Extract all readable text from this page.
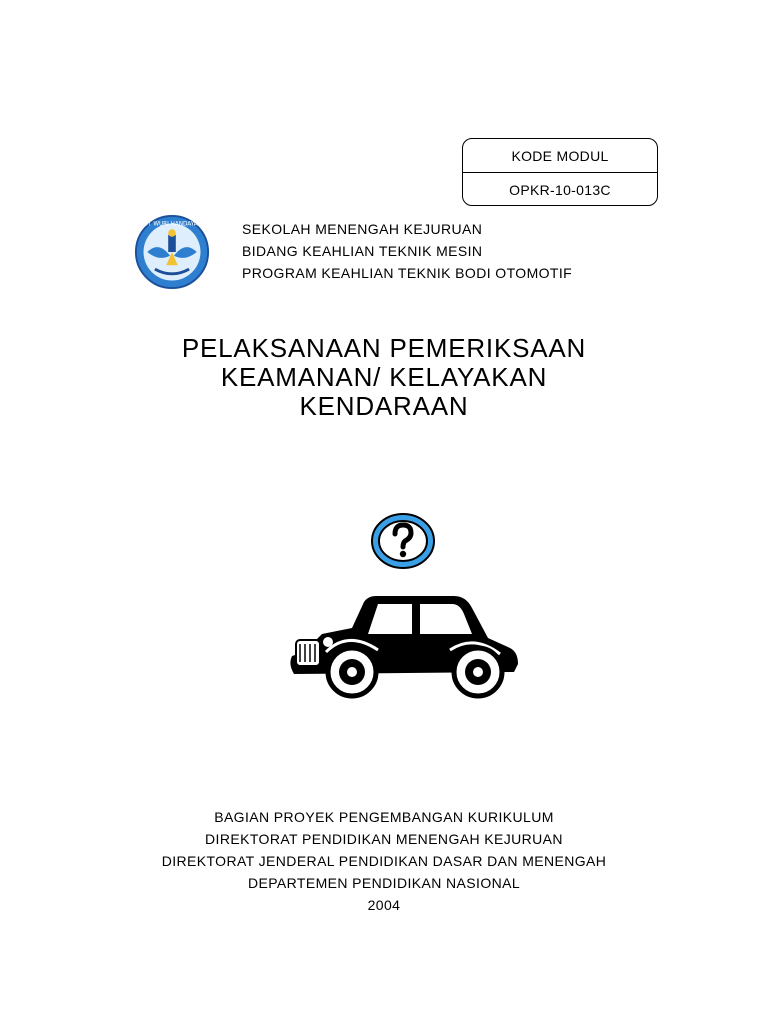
KODE MODUL
OPKR-10-013C
TUT WURI HANDAYANI	SEKOLAH MENENGAH KEJURUAN
BIDANG KEAHLIAN TEKNIK MESIN
PROGRAM KEAHLIAN TEKNIK BODI OTOMOTIF
PELAKSANAAN PEMERIKSAAN
KEAMANAN/ KELAYAKAN
KENDARAAN
BAGIAN PROYEK PENGEMBANGAN KURIKULUM
DIREKTORAT PENDIDIKAN MENENGAH KEJURUAN
DIREKTORAT JENDERAL PENDIDIKAN DASAR DAN MENENGAH
DEPARTEMEN PENDIDIKAN NASIONAL
2004
